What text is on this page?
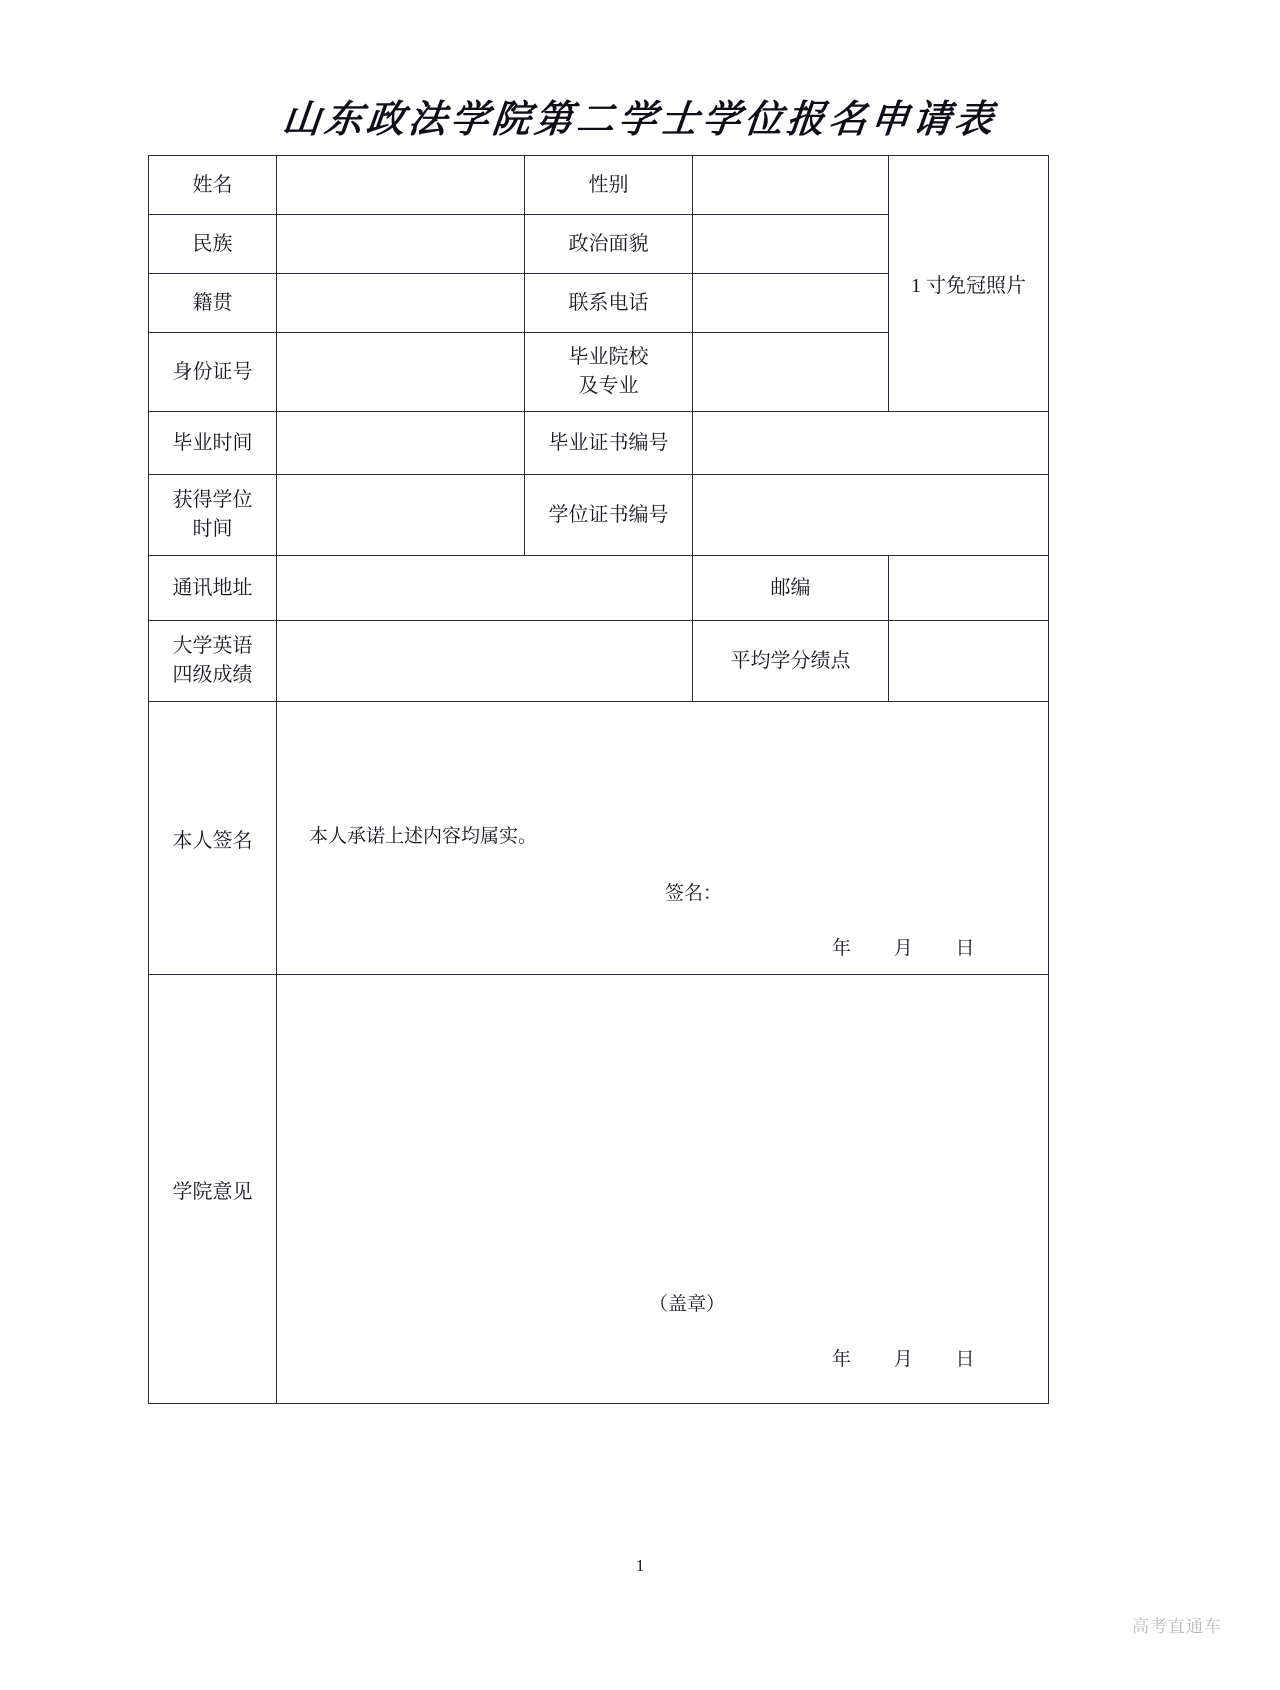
山东政法学院第二学士学位报名申请表
姓名		性别		1 寸免冠照片
民族		政治面貌		
籍贯		联系电话		
身份证号		毕业院校
及专业		

毕业时间		毕业证书编号		

获得学位
时间		学位证书编号		
通讯地址			邮编	

大学英语
四级成绩			平均学分绩点	
本人签名	本人承诺上述内容均属实。
签名：
年 月 日			

学院意见	（盖章）
年 月 日			
1
高考直通车
